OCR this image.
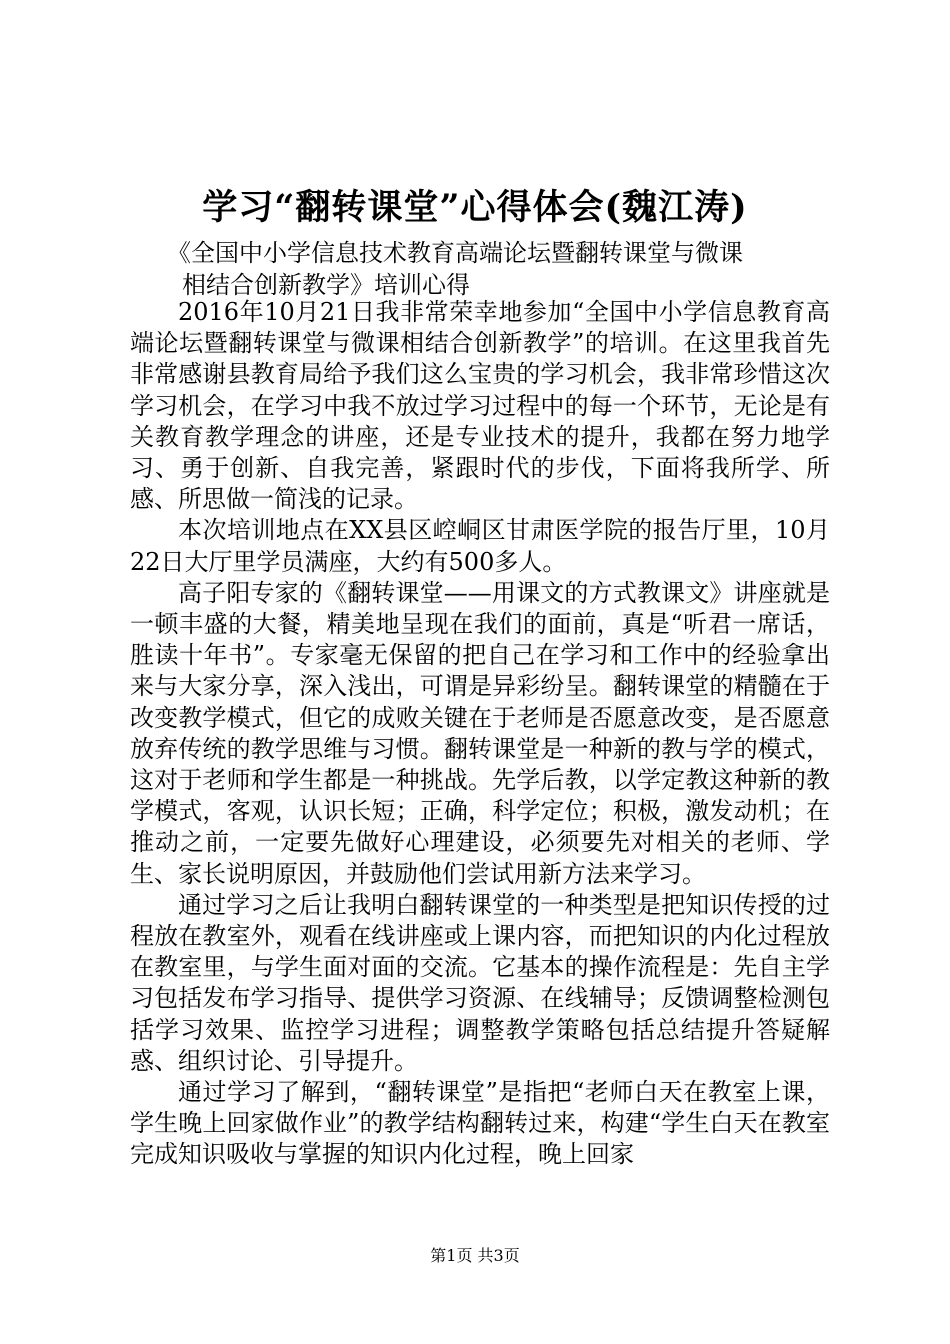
学习“翻转课堂”心得体会(魏江涛)
《全国中小学信息技术教育高端论坛暨翻转课堂与微课
相结合创新教学》培训心得

2016年10月21日我非常荣幸地参加“全国中小学信息教育高端论坛暨翻转课堂与微课相结合创新教学”的培训。在这里我首先非常感谢县教育局给予我们这么宝贵的学习机会，我非常珍惜这次学习机会，在学习中我不放过学习过程中的每一个环节，无论是有关教育教学理念的讲座，还是专业技术的提升，我都在努力地学习、勇于创新、自我完善，紧跟时代的步伐，下面将我所学、所感、所思做一简浅的记录。

本次培训地点在XX县区崆峒区甘肃医学院的报告厅里，10月22日大厅里学员满座，大约有500多人。

高子阳专家的《翻转课堂——用课文的方式教课文》讲座就是一顿丰盛的大餐，精美地呈现在我们的面前，真是“听君一席话，胜读十年书”。专家毫无保留的把自己在学习和工作中的经验拿出来与大家分享，深入浅出，可谓是异彩纷呈。翻转课堂的精髓在于改变教学模式，但它的成败关键在于老师是否愿意改变，是否愿意放弃传统的教学思维与习惯。翻转课堂是一种新的教与学的模式，这对于老师和学生都是一种挑战。先学后教，以学定教这种新的教学模式，客观，认识长短；正确，科学定位；积极，激发动机；在推动之前，一定要先做好心理建设，必须要先对相关的老师、学生、家长说明原因，并鼓励他们尝试用新方法来学习。

通过学习之后让我明白翻转课堂的一种类型是把知识传授的过程放在教室外，观看在线讲座或上课内容，而把知识的内化过程放在教室里，与学生面对面的交流。它基本的操作流程是：先自主学习包括发布学习指导、提供学习资源、在线辅导；反馈调整检测包括学习效果、监控学习进程；调整教学策略包括总结提升答疑解惑、组织讨论、引导提升。

通过学习了解到，“翻转课堂”是指把“老师白天在教室上课，学生晚上回家做作业”的教学结构翻转过来，构建“学生白天在教室完成知识吸收与掌握的知识内化过程，晚上回家

第1页 共3页
